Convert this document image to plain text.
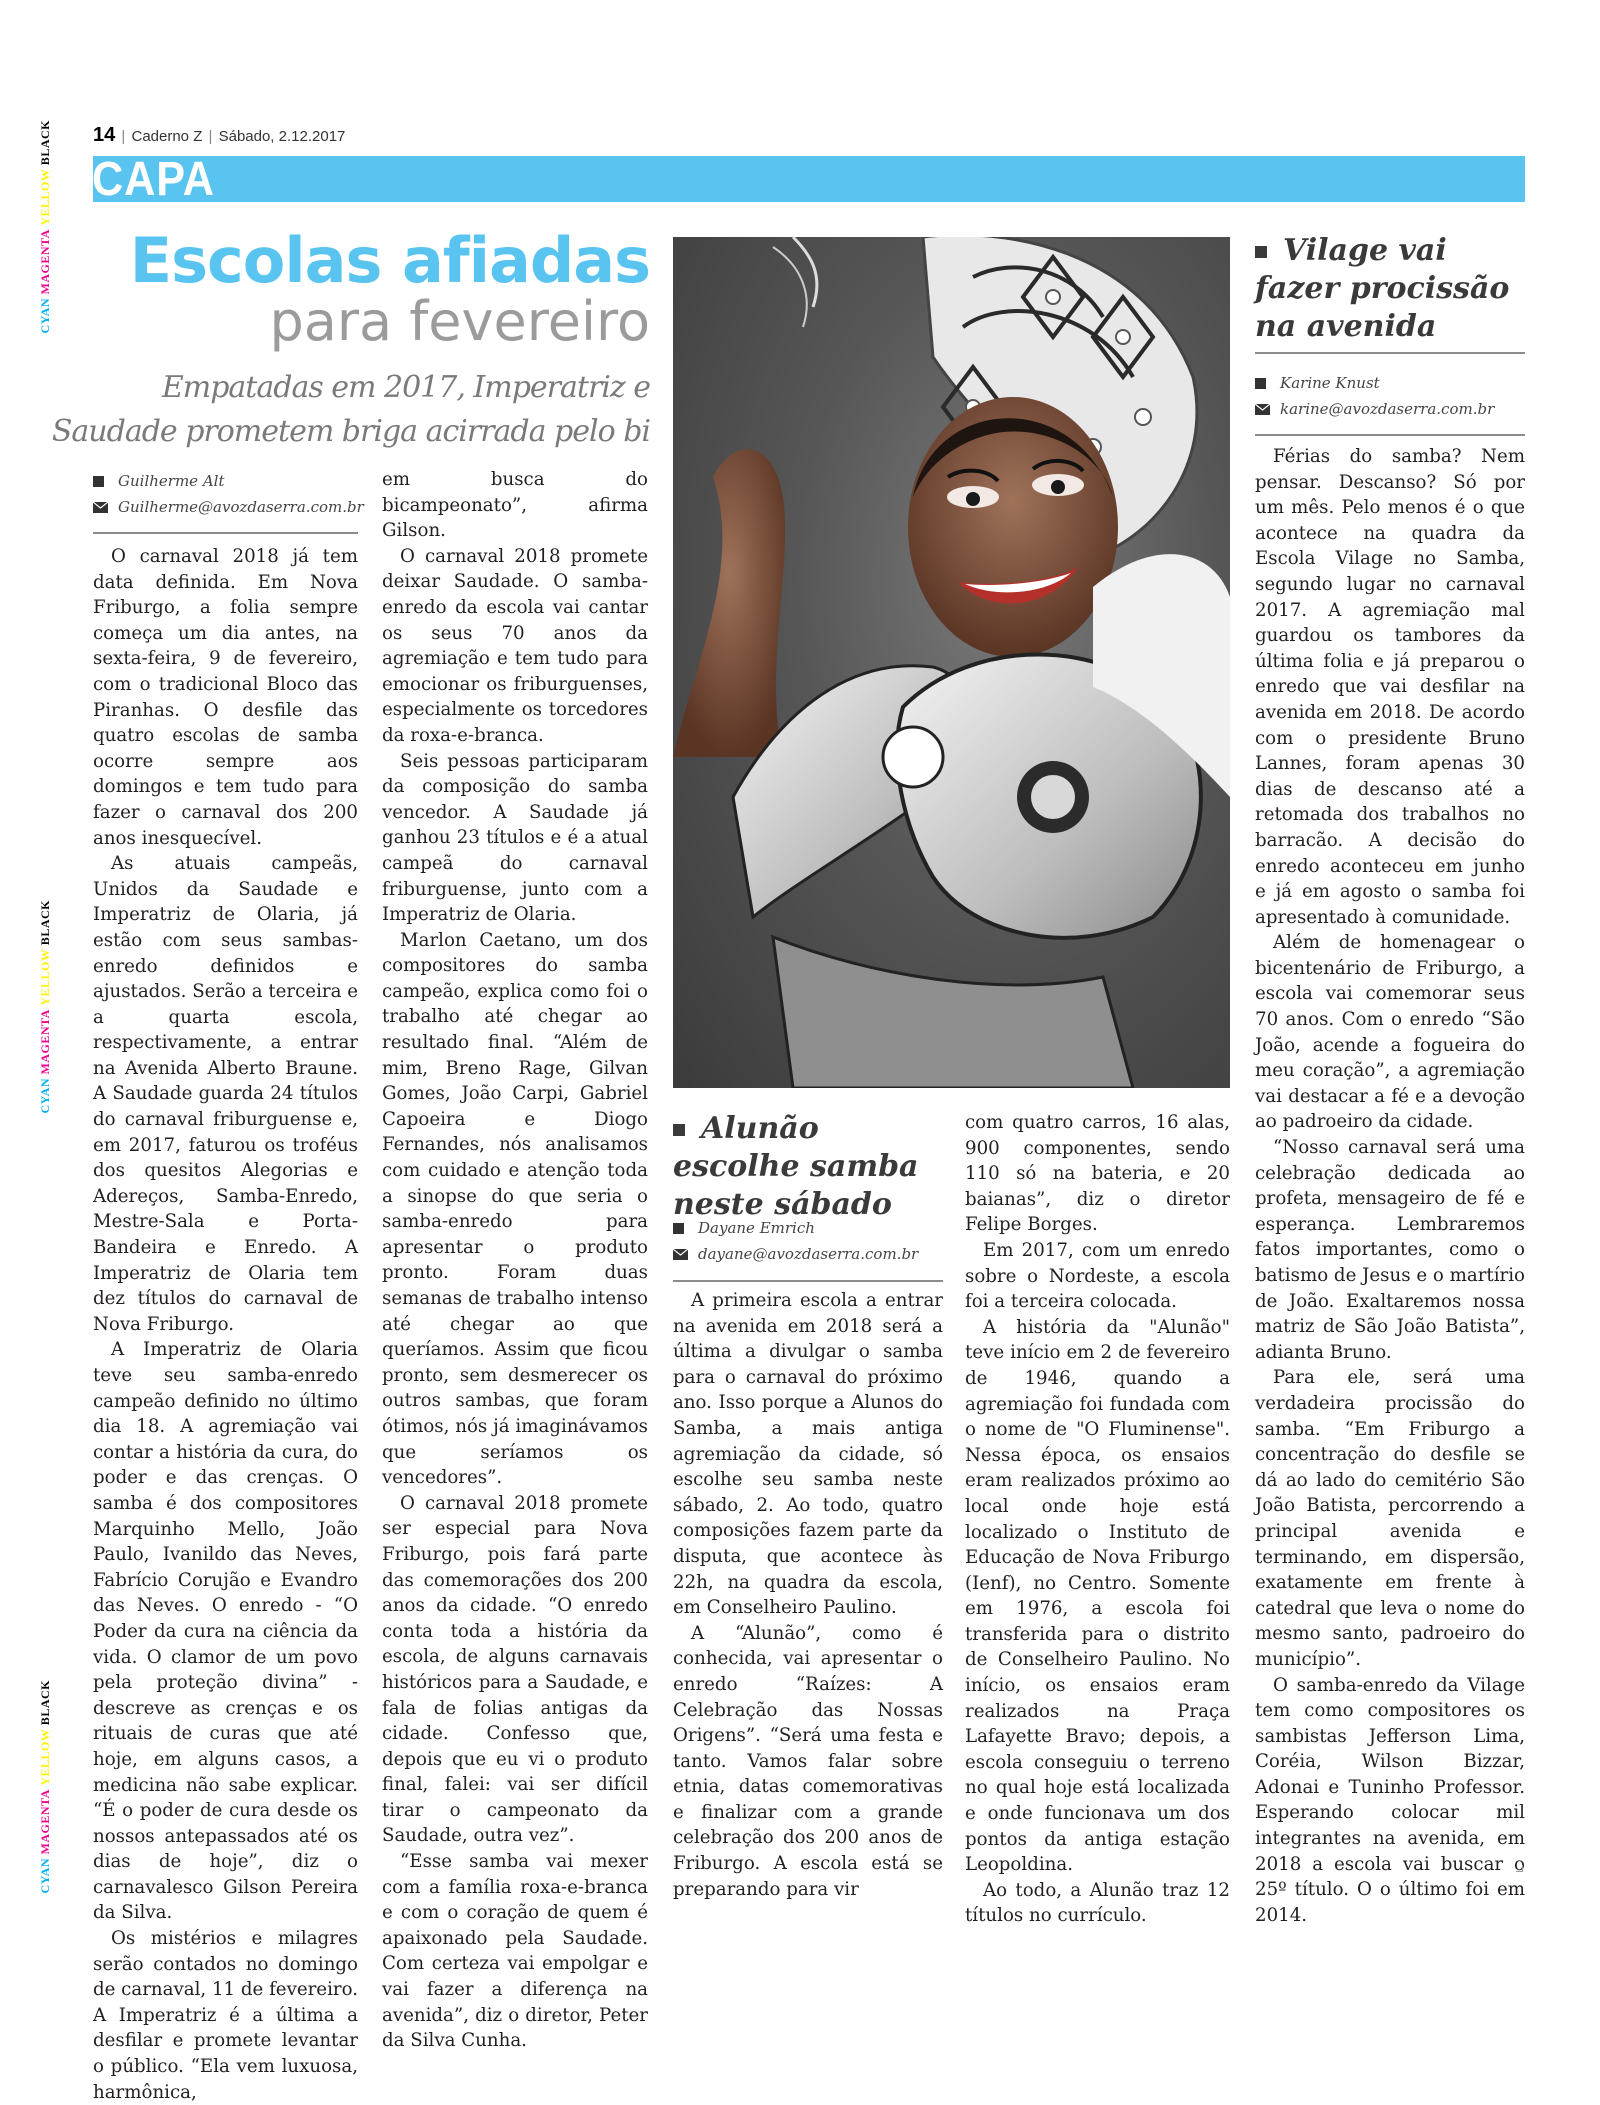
CYAN MAGENTA YELLOW BLACK
CYAN MAGENTA YELLOW BLACK
CYAN MAGENTA YELLOW BLACK
14 | Caderno Z | Sábado, 2.12.2017
CAPA
Escolas afiadas
para fevereiro
Empatadas em 2017, Imperatriz e Saudade prometem briga acirrada pelo bi
Guilherme Alt
Guilherme@avozdaserra.com.br

O carnaval 2018 já tem data definida. Em Nova Friburgo, a folia sempre começa um dia antes, na sexta-feira, 9 de fevereiro, com o tradicional Bloco das Piranhas. O desfile das quatro escolas de samba ocorre sempre aos domingos e tem tudo para fazer o carnaval dos 200 anos inesquecível.

As atuais campeãs, Unidos da Saudade e Imperatriz de Olaria, já estão com seus sambas-enredo definidos e ajustados. Serão a terceira e a quarta escola, respectivamente, a entrar na Avenida Alberto Braune. A Saudade guarda 24 títulos do carnaval friburguense e, em 2017, faturou os troféus dos quesitos Alegorias e Adereços, Samba-Enredo, Mestre-Sala e Porta-Bandeira e Enredo. A Imperatriz de Olaria tem dez títulos do carnaval de Nova Friburgo.

A Imperatriz de Olaria teve seu samba-enredo campeão definido no último dia 18. A agremiação vai contar a história da cura, do poder e das crenças. O samba é dos compositores Marquinho Mello, João Paulo, Ivanildo das Neves, Fabrício Corujão e Evandro das Neves. O enredo - “O Poder da cura na ciência da vida. O clamor de um povo pela proteção divina” - descreve as crenças e os rituais de curas que até hoje, em alguns casos, a medicina não sabe explicar. “É o poder de cura desde os nossos antepassados até os dias de hoje”, diz o carnavalesco Gilson Pereira da Silva.

Os mistérios e milagres serão contados no domingo de carnaval, 11 de fevereiro. A Imperatriz é a última a desfilar e promete levantar o público. “Ela vem luxuosa, harmônica,

em busca do bicampeonato”, afirma Gilson.

O carnaval 2018 promete deixar Saudade. O samba-enredo da escola vai cantar os seus 70 anos da agremiação e tem tudo para emocionar os friburguenses, especialmente os torcedores da roxa-e-branca.

Seis pessoas participaram da composição do samba vencedor. A Saudade já ganhou 23 títulos e é a atual campeã do carnaval friburguense, junto com a Imperatriz de Olaria.

Marlon Caetano, um dos compositores do samba campeão, explica como foi o trabalho até chegar ao resultado final. “Além de mim, Breno Rage, Gilvan Gomes, João Carpi, Gabriel Capoeira e Diogo Fernandes, nós analisamos com cuidado e atenção toda a sinopse do que seria o samba-enredo para apresentar o produto pronto. Foram duas semanas de trabalho intenso até chegar ao que queríamos. Assim que ficou pronto, sem desmerecer os outros sambas, que foram ótimos, nós já imaginávamos que seríamos os vencedores”.

O carnaval 2018 promete ser especial para Nova Friburgo, pois fará parte das comemorações dos 200 anos da cidade. “O enredo conta toda a história da escola, de alguns carnavais históricos para a Saudade, e fala de folias antigas da cidade. Confesso que, depois que eu vi o produto final, falei: vai ser difícil tirar o campeonato da Saudade, outra vez”.

“Esse samba vai mexer com a família roxa-e-branca e com o coração de quem é apaixonado pela Saudade. Com certeza vai empolgar e vai fazer a diferença na avenida”, diz o diretor, Peter da Silva Cunha.

Alunão escolhe samba neste sábado
Dayane Emrich
dayane@avozdaserra.com.br

A primeira escola a entrar na avenida em 2018 será a última a divulgar o samba para o carnaval do próximo ano. Isso porque a Alunos do Samba, a mais antiga agremiação da cidade, só escolhe seu samba neste sábado, 2. Ao todo, quatro composições fazem parte da disputa, que acontece às 22h, na quadra da escola, em Conselheiro Paulino.

A “Alunão”, como é conhecida, vai apresentar o enredo “Raízes: A Celebração das Nossas Origens”. “Será uma festa e tanto. Vamos falar sobre etnia, datas comemorativas e finalizar com a grande celebração dos 200 anos de Friburgo. A escola está se preparando para vir

com quatro carros, 16 alas, 900 componentes, sendo 110 só na bateria, e 20 baianas”, diz o diretor Felipe Borges.

Em 2017, com um enredo sobre o Nordeste, a escola foi a terceira colocada.

A história da "Alunão" teve início em 2 de fevereiro de 1946, quando a agremiação foi fundada com o nome de "O Fluminense". Nessa época, os ensaios eram realizados próximo ao local onde hoje está localizado o Instituto de Educação de Nova Friburgo (Ienf), no Centro. Somente em 1976, a escola foi transferida para o distrito de Conselheiro Paulino. No início, os ensaios eram realizados na Praça Lafayette Bravo; depois, a escola conseguiu o terreno no qual hoje está localizada e onde funcionava um dos pontos da antiga estação Leopoldina.

Ao todo, a Alunão traz 12 títulos no currículo.

Vilage vai fazer procissão na avenida
Karine Knust
karine@avozdaserra.com.br

Férias do samba? Nem pensar. Descanso? Só por um mês. Pelo menos é o que acontece na quadra da Escola Vilage no Samba, segundo lugar no carnaval 2017. A agremiação mal guardou os tambores da última folia e já preparou o enredo que vai desfilar na avenida em 2018. De acordo com o presidente Bruno Lannes, foram apenas 30 dias de descanso até a retomada dos trabalhos no barracão. A decisão do enredo aconteceu em junho e já em agosto o samba foi apresentado à comunidade.

Além de homenagear o bicentenário de Friburgo, a escola vai comemorar seus 70 anos. Com o enredo “São João, acende a fogueira do meu coração”, a agremiação vai destacar a fé e a devoção ao padroeiro da cidade.

“Nosso carnaval será uma celebração dedicada ao profeta, mensageiro de fé e esperança. Lembraremos fatos importantes, como o batismo de Jesus e o martírio de João. Exaltaremos nossa matriz de São João Batista”, adianta Bruno.

Para ele, será uma verdadeira procissão do samba. “Em Friburgo a concentração do desfile se dá ao lado do cemitério São João Batista, percorrendo a principal avenida e terminando, em dispersão, exatamente em frente à catedral que leva o nome do mesmo santo, padroeiro do município”.

O samba-enredo da Vilage tem como compositores os sambistas Jefferson Lima, Coréia, Wilson Bizzar, Adonai e Tuninho Professor. Esperando colocar mil integrantes na avenida, em 2018 a escola vai buscar o 25º título. O o último foi em 2014.
